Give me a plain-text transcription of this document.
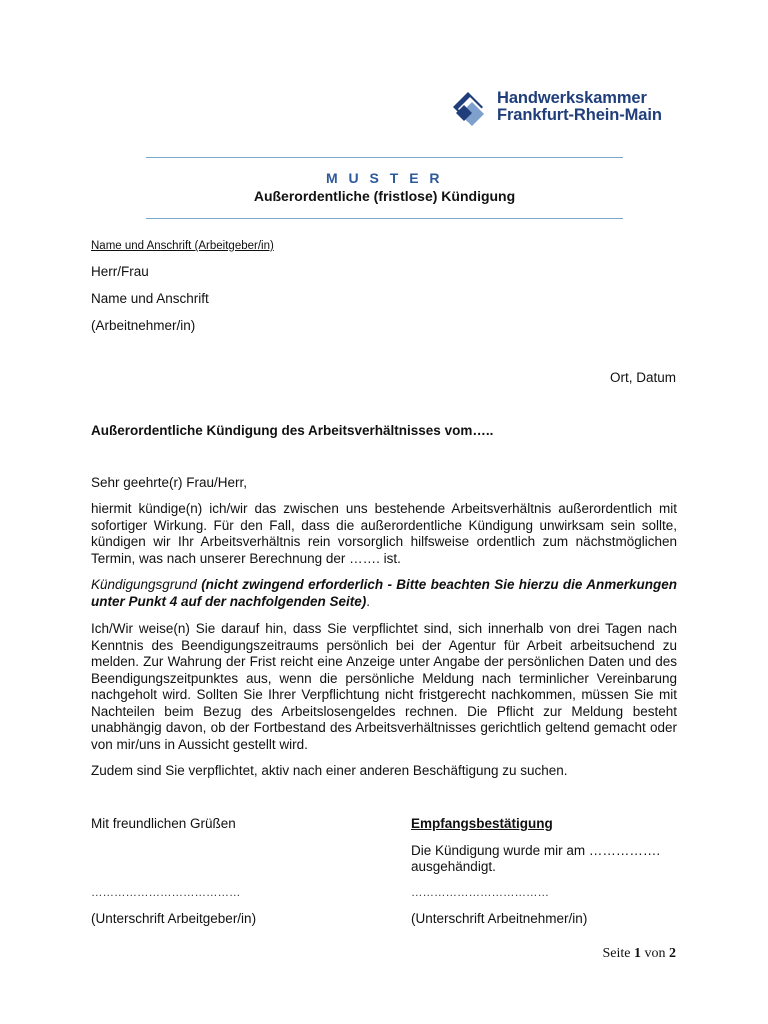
Handwerkskammer
Frankfurt-Rhein-Main
M U S T E R
Außerordentliche (fristlose) Kündigung
Name und Anschrift (Arbeitgeber/in)
Herr/Frau
Name und Anschrift
(Arbeitnehmer/in)
Ort, Datum
Außerordentliche Kündigung des Arbeitsverhältnisses vom…..
Sehr geehrte(r) Frau/Herr,
hiermit kündige(n) ich/wir das zwischen uns bestehende Arbeitsverhältnis außerordentlich mit sofortiger Wirkung. Für den Fall, dass die außerordentliche Kündigung unwirksam sein sollte, kündigen wir Ihr Arbeitsverhältnis rein vorsorglich hilfsweise ordentlich zum nächstmöglichen Termin, was nach unserer Berechnung der ……. ist.
Kündigungsgrund (nicht zwingend erforderlich - Bitte beachten Sie hierzu die Anmerkungen unter Punkt 4 auf der nachfolgenden Seite).
Ich/Wir weise(n) Sie darauf hin, dass Sie verpflichtet sind, sich innerhalb von drei Tagen nach Kenntnis des Beendigungszeitraums persönlich bei der Agentur für Arbeit arbeitsuchend zu melden. Zur Wahrung der Frist reicht eine Anzeige unter Angabe der persönlichen Daten und des Beendigungszeitpunktes aus, wenn die persönliche Meldung nach terminlicher Vereinbarung nachgeholt wird. Sollten Sie Ihrer Verpflichtung nicht fristgerecht nachkommen, müssen Sie mit Nachteilen beim Bezug des Arbeitslosengeldes rechnen. Die Pflicht zur Meldung besteht unabhängig davon, ob der Fortbestand des Arbeitsverhältnisses gerichtlich geltend gemacht oder von mir/uns in Aussicht gestellt wird.
Zudem sind Sie verpflichtet, aktiv nach einer anderen Beschäftigung zu suchen.
Mit freundlichen Grüßen
…………………………………
(Unterschrift Arbeitgeber/in)
Empfangsbestätigung
Die Kündigung wurde mir am …………….
ausgehändigt.
………………………………
(Unterschrift Arbeitnehmer/in)
Seite 1 von 2
